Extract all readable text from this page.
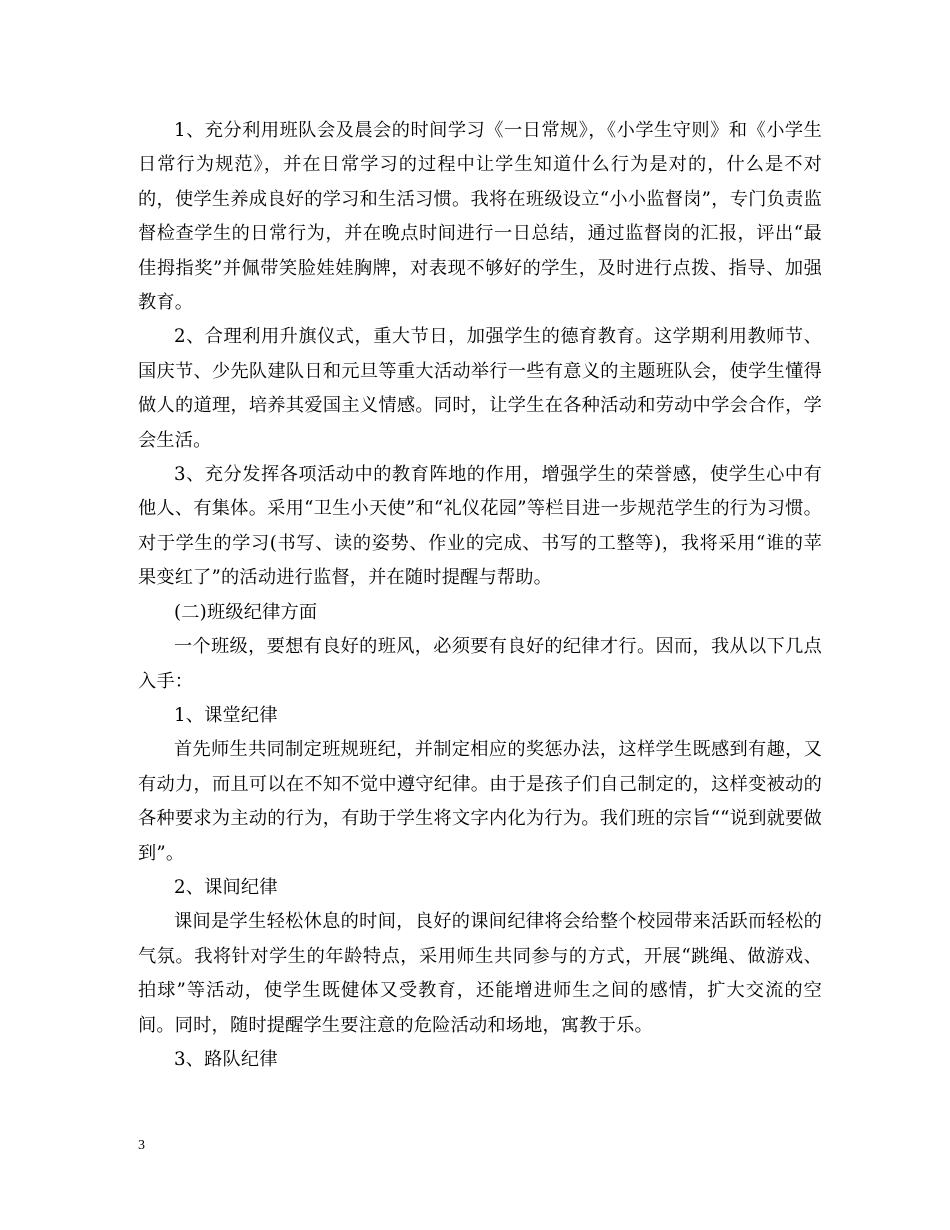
1、充分利用班队会及晨会的时间学习《一日常规》，《小学生守则》和《小学生日常行为规范》，并在日常学习的过程中让学生知道什么行为是对的，什么是不对的，使学生养成良好的学习和生活习惯。我将在班级设立“小小监督岗”，专门负责监督检查学生的日常行为，并在晚点时间进行一日总结，通过监督岗的汇报，评出“最佳拇指奖”并佩带笑脸娃娃胸牌，对表现不够好的学生，及时进行点拨、指导、加强教育。

2、合理利用升旗仪式，重大节日，加强学生的德育教育。这学期利用教师节、国庆节、少先队建队日和元旦等重大活动举行一些有意义的主题班队会，使学生懂得做人的道理，培养其爱国主义情感。同时，让学生在各种活动和劳动中学会合作，学会生活。

3、充分发挥各项活动中的教育阵地的作用，增强学生的荣誉感，使学生心中有他人、有集体。采用“卫生小天使”和“礼仪花园”等栏目进一步规范学生的行为习惯。对于学生的学习(书写、读的姿势、作业的完成、书写的工整等)，我将采用“谁的苹果变红了”的活动进行监督，并在随时提醒与帮助。

(二)班级纪律方面

一个班级，要想有良好的班风，必须要有良好的纪律才行。因而，我从以下几点入手：

1、课堂纪律

首先师生共同制定班规班纪，并制定相应的奖惩办法，这样学生既感到有趣，又有动力，而且可以在不知不觉中遵守纪律。由于是孩子们自己制定的，这样变被动的各种要求为主动的行为，有助于学生将文字内化为行为。我们班的宗旨““说到就要做到”。

2、课间纪律

课间是学生轻松休息的时间，良好的课间纪律将会给整个校园带来活跃而轻松的气氛。我将针对学生的年龄特点，采用师生共同参与的方式，开展“跳绳、做游戏、拍球”等活动，使学生既健体又受教育，还能增进师生之间的感情，扩大交流的空间。同时，随时提醒学生要注意的危险活动和场地，寓教于乐。

3、路队纪律

3
